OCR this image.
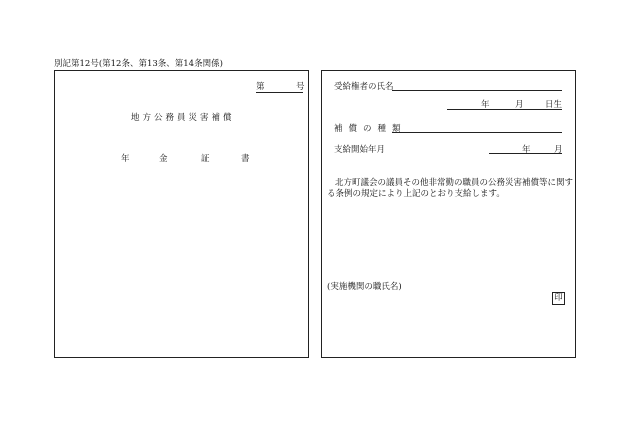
別記第12号(第12条、第13条、第14条関係)
第	号
地方公務員災害補償
年	金	証	書
受給権者の氏名
年	月	日生
補償の種類
支給開始年月	年	月
北方町議会の議員その他非常勤の職員の公務災害補償等に関する条例の規定により上記のとおり支給します。
(実施機関の職氏名)
印
